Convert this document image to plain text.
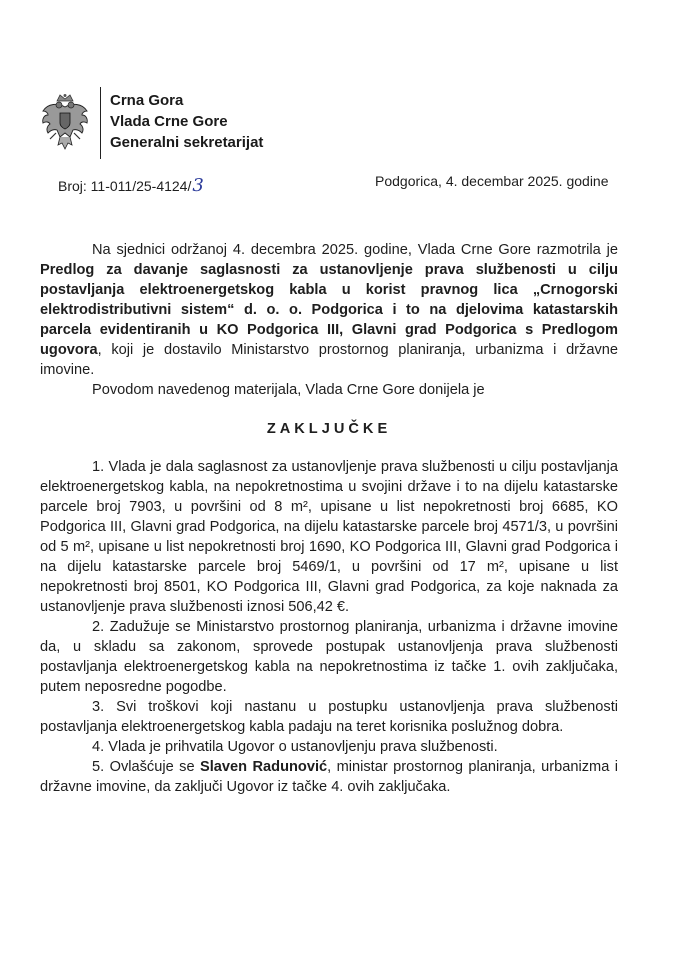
Crna Gora
Vlada Crne Gore
Generalni sekretarijat
Broj: 11-011/25-4124/3	Podgorica, 4. decembar 2025. godine

Na sjednici održanoj 4. decembra 2025. godine, Vlada Crne Gore razmotrila je Predlog za davanje saglasnosti za ustanovljenje prava službenosti u cilju postavljanja elektroenergetskog kabla u korist pravnog lica „Crnogorski elektrodistributivni sistem“ d. o. o. Podgorica i to na djelovima katastarskih parcela evidentiranih u KO Podgorica III, Glavni grad Podgorica s Predlogom ugovora, koji je dostavilo Ministarstvo prostornog planiranja, urbanizma i državne imovine.

Povodom navedenog materijala, Vlada Crne Gore donijela je

ZAKLJUČKE

1. Vlada je dala saglasnost za ustanovljenje prava službenosti u cilju postavljanja elektroenergetskog kabla, na nepokretnostima u svojini države i to na dijelu katastarske parcele broj 7903, u površini od 8 m², upisane u list nepokretnosti broj 6685, KO Podgorica III, Glavni grad Podgorica, na dijelu katastarske parcele broj 4571/3, u površini od 5 m², upisane u list nepokretnosti broj 1690, KO Podgorica III, Glavni grad Podgorica i na dijelu katastarske parcele broj 5469/1, u površini od 17 m², upisane u list nepokretnosti broj 8501, KO Podgorica III, Glavni grad Podgorica, za koje naknada za ustanovljenje prava službenosti iznosi 506,42 €.

2. Zadužuje se Ministarstvo prostornog planiranja, urbanizma i državne imovine da, u skladu sa zakonom, sprovede postupak ustanovljenja prava službenosti postavljanja elektroenergetskog kabla na nepokretnostima iz tačke 1. ovih zaključaka, putem neposredne pogodbe.

3. Svi troškovi koji nastanu u postupku ustanovljenja prava službenosti postavljanja elektroenergetskog kabla padaju na teret korisnika poslužnog dobra.

4. Vlada je prihvatila Ugovor o ustanovljenju prava službenosti.

5. Ovlašćuje se Slaven Radunović, ministar prostornog planiranja, urbanizma i državne imovine, da zaključi Ugovor iz tačke 4. ovih zaključaka.
